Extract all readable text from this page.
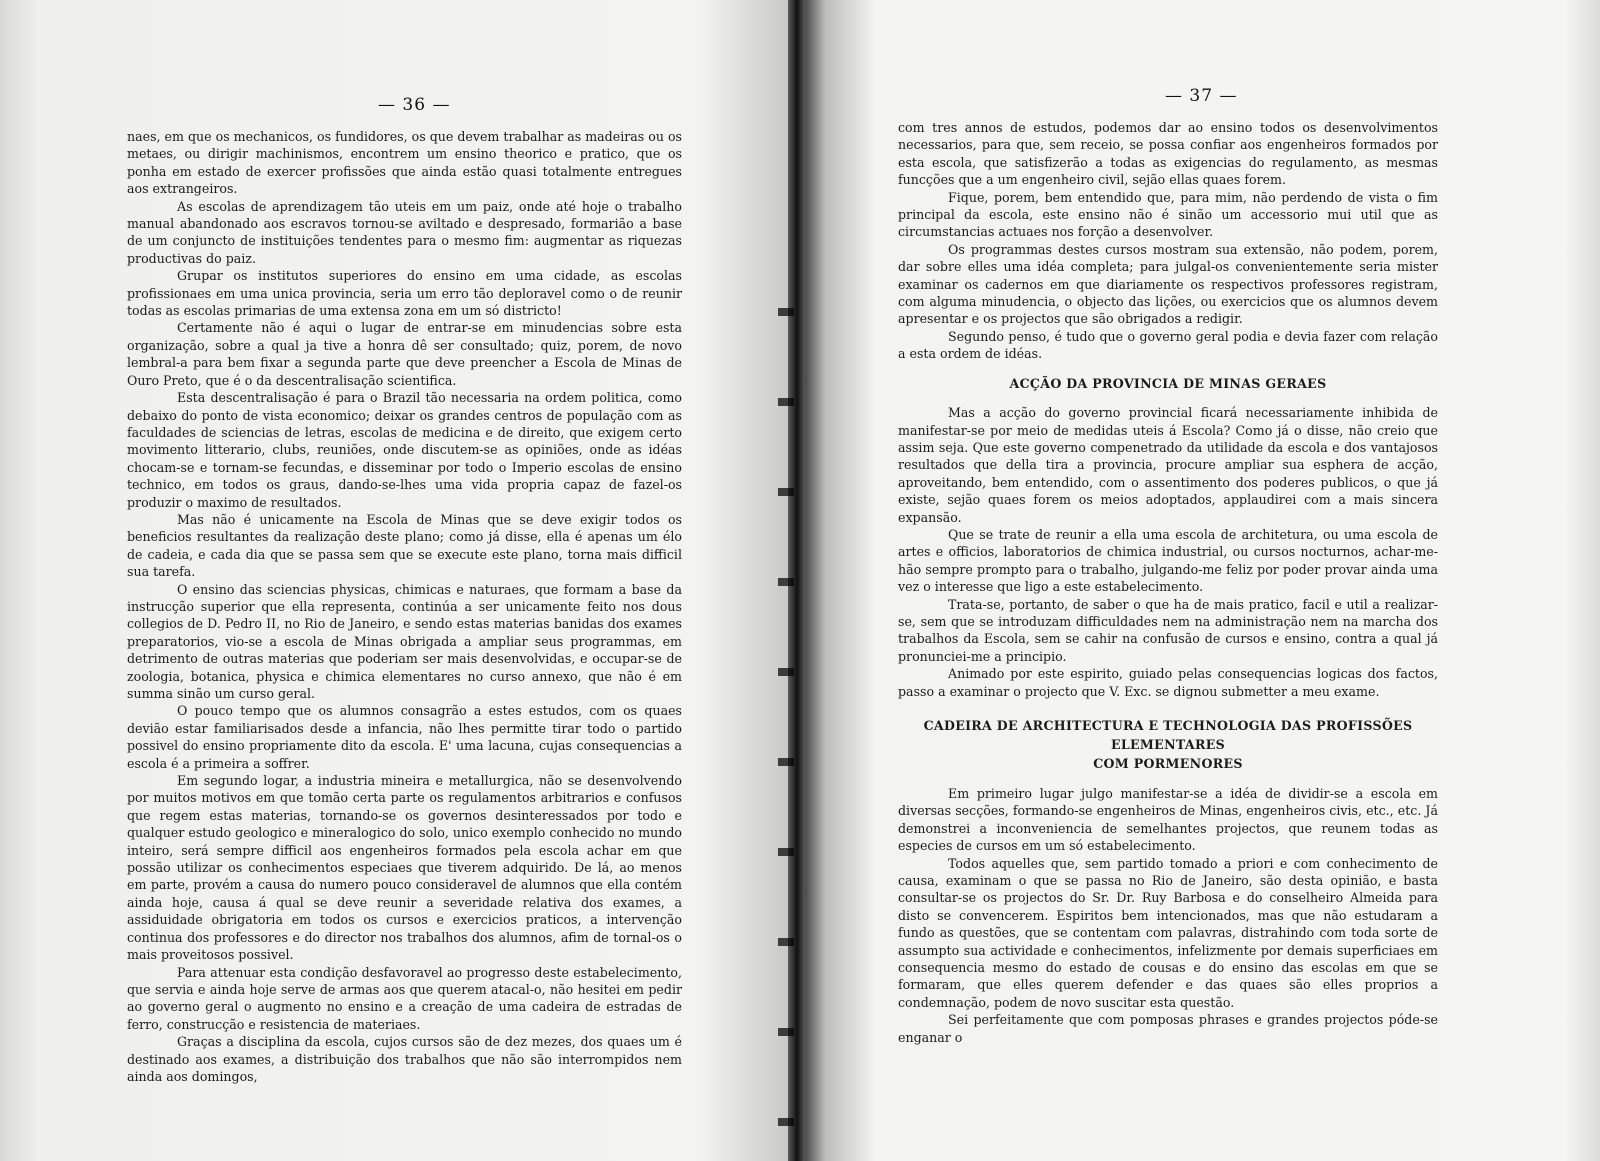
— 36 —

naes, em que os mechanicos, os fundidores, os que devem trabalhar as madeiras ou os metaes, ou dirigir machinismos, encontrem um ensino theorico e pratico, que os ponha em estado de exercer profissões que ainda estão quasi totalmente entregues aos extrangeiros.

As escolas de aprendizagem tão uteis em um paiz, onde até hoje o trabalho manual abandonado aos escravos tornou-se aviltado e despresado, formarião a base de um conjuncto de instituições tendentes para o mesmo fim: augmentar as riquezas productivas do paiz.

Grupar os institutos superiores do ensino em uma cidade, as escolas profissionaes em uma unica provincia, seria um erro tão deploravel como o de reunir todas as escolas primarias de uma extensa zona em um só districto!

Certamente não é aqui o lugar de entrar-se em minudencias sobre esta organização, sobre a qual ja tive a honra dê ser consultado; quiz, porem, de novo lembral-a para bem fixar a segunda parte que deve preencher a Escola de Minas de Ouro Preto, que é o da descentralisação scientifica.

Esta descentralisação é para o Brazil tão necessaria na ordem politica, como debaixo do ponto de vista economico; deixar os grandes centros de população com as faculdades de sciencias de letras, escolas de medicina e de direito, que exigem certo movimento litterario, clubs, reuniões, onde discutem-se as opiniões, onde as idéas chocam-se e tornam-se fecundas, e disseminar por todo o Imperio escolas de ensino technico, em todos os graus, dando-se-lhes uma vida propria capaz de fazel-os produzir o maximo de resultados.

Mas não é unicamente na Escola de Minas que se deve exigir todos os beneficios resultantes da realização deste plano; como já disse, ella é apenas um élo de cadeia, e cada dia que se passa sem que se execute este plano, torna mais difficil sua tarefa.

O ensino das sciencias physicas, chimicas e naturaes, que formam a base da instrucção superior que ella representa, continúa a ser unicamente feito nos dous collegios de D. Pedro II, no Rio de Janeiro, e sendo estas materias banidas dos exames preparatorios, vio-se a escola de Minas obrigada a ampliar seus programmas, em detrimento de outras materias que poderiam ser mais desenvolvidas, e occupar-se de zoologia, botanica, physica e chimica elementares no curso annexo, que não é em summa sinão um curso geral.

O pouco tempo que os alumnos consagrão a estes estudos, com os quaes devião estar familiarisados desde a infancia, não lhes permitte tirar todo o partido possivel do ensino propriamente dito da escola. E' uma lacuna, cujas consequencias a escola é a primeira a soffrer.

Em segundo logar, a industria mineira e metallurgica, não se desenvolvendo por muitos motivos em que tomão certa parte os regulamentos arbitrarios e confusos que regem estas materias, tornando-se os governos desinteressados por todo e qualquer estudo geologico e mineralogico do solo, unico exemplo conhecido no mundo inteiro, será sempre difficil aos engenheiros formados pela escola achar em que possão utilizar os conhecimentos especiaes que tiverem adquirido. De lá, ao menos em parte, provém a causa do numero pouco consideravel de alumnos que ella contém ainda hoje, causa á qual se deve reunir a severidade relativa dos exames, a assiduidade obrigatoria em todos os cursos e exercicios praticos, a intervenção continua dos professores e do director nos trabalhos dos alumnos, afim de tornal-os o mais proveitosos possivel.

Para attenuar esta condição desfavoravel ao progresso deste estabelecimento, que servia e ainda hoje serve de armas aos que querem atacal-o, não hesitei em pedir ao governo geral o augmento no ensino e a creação de uma cadeira de estradas de ferro, construcção e resistencia de materiaes.

Graças a disciplina da escola, cujos cursos são de dez mezes, dos quaes um é destinado aos exames, a distribuição dos trabalhos que não são interrompidos nem ainda aos domingos,

— 37 —

com tres annos de estudos, podemos dar ao ensino todos os desenvolvimentos necessarios, para que, sem receio, se possa confiar aos engenheiros formados por esta escola, que satisfizerão a todas as exigencias do regulamento, as mesmas funcções que a um engenheiro civil, sejão ellas quaes forem.

Fique, porem, bem entendido que, para mim, não perdendo de vista o fim principal da escola, este ensino não é sinão um accessorio mui util que as circumstancias actuaes nos forção a desenvolver.

Os programmas destes cursos mostram sua extensão, não podem, porem, dar sobre elles uma idéa completa; para julgal-os convenientemente seria mister examinar os cadernos em que diariamente os respectivos professores registram, com alguma minudencia, o objecto das lições, ou exercicios que os alumnos devem apresentar e os projectos que são obrigados a redigir.

Segundo penso, é tudo que o governo geral podia e devia fazer com relação a esta ordem de idéas.

ACÇÃO DA PROVINCIA DE MINAS GERAES

Mas a acção do governo provincial ficará necessariamente inhibida de manifestar-se por meio de medidas uteis á Escola? Como já o disse, não creio que assim seja. Que este governo compenetrado da utilidade da escola e dos vantajosos resultados que della tira a provincia, procure ampliar sua esphera de acção, aproveitando, bem entendido, com o assentimento dos poderes publicos, o que já existe, sejão quaes forem os meios adoptados, applaudirei com a mais sincera expansão.

Que se trate de reunir a ella uma escola de architetura, ou uma escola de artes e officios, laboratorios de chimica industrial, ou cursos nocturnos, achar-me-hão sempre prompto para o trabalho, julgando-me feliz por poder provar ainda uma vez o interesse que ligo a este estabelecimento.

Trata-se, portanto, de saber o que ha de mais pratico, facil e util a realizar-se, sem que se introduzam difficuldades nem na administração nem na marcha dos trabalhos da Escola, sem se cahir na confusão de cursos e ensino, contra a qual já pronunciei-me a principio.

Animado por este espirito, guiado pelas consequencias logicas dos factos, passo a examinar o projecto que V. Exc. se dignou submetter a meu exame.

CADEIRA DE ARCHITECTURA E TECHNOLOGIA DAS PROFISSÕES ELEMENTARES
COM PORMENORES

Em primeiro lugar julgo manifestar-se a idéa de dividir-se a escola em diversas secções, formando-se engenheiros de Minas, engenheiros civis, etc., etc. Já demonstrei a inconveniencia de semelhantes projectos, que reunem todas as especies de cursos em um só estabelecimento.

Todos aquelles que, sem partido tomado a priori e com conhecimento de causa, examinam o que se passa no Rio de Janeiro, são desta opinião, e basta consultar-se os projectos do Sr. Dr. Ruy Barbosa e do conselheiro Almeida para disto se convencerem. Espiritos bem intencionados, mas que não estudaram a fundo as questões, que se contentam com palavras, distrahindo com toda sorte de assumpto sua actividade e conhecimentos, infelizmente por demais superficiaes em consequencia mesmo do estado de cousas e do ensino das escolas em que se formaram, que elles querem defender e das quaes são elles proprios a condemnação, podem de novo suscitar esta questão.

Sei perfeitamente que com pomposas phrases e grandes projectos póde-se enganar o
